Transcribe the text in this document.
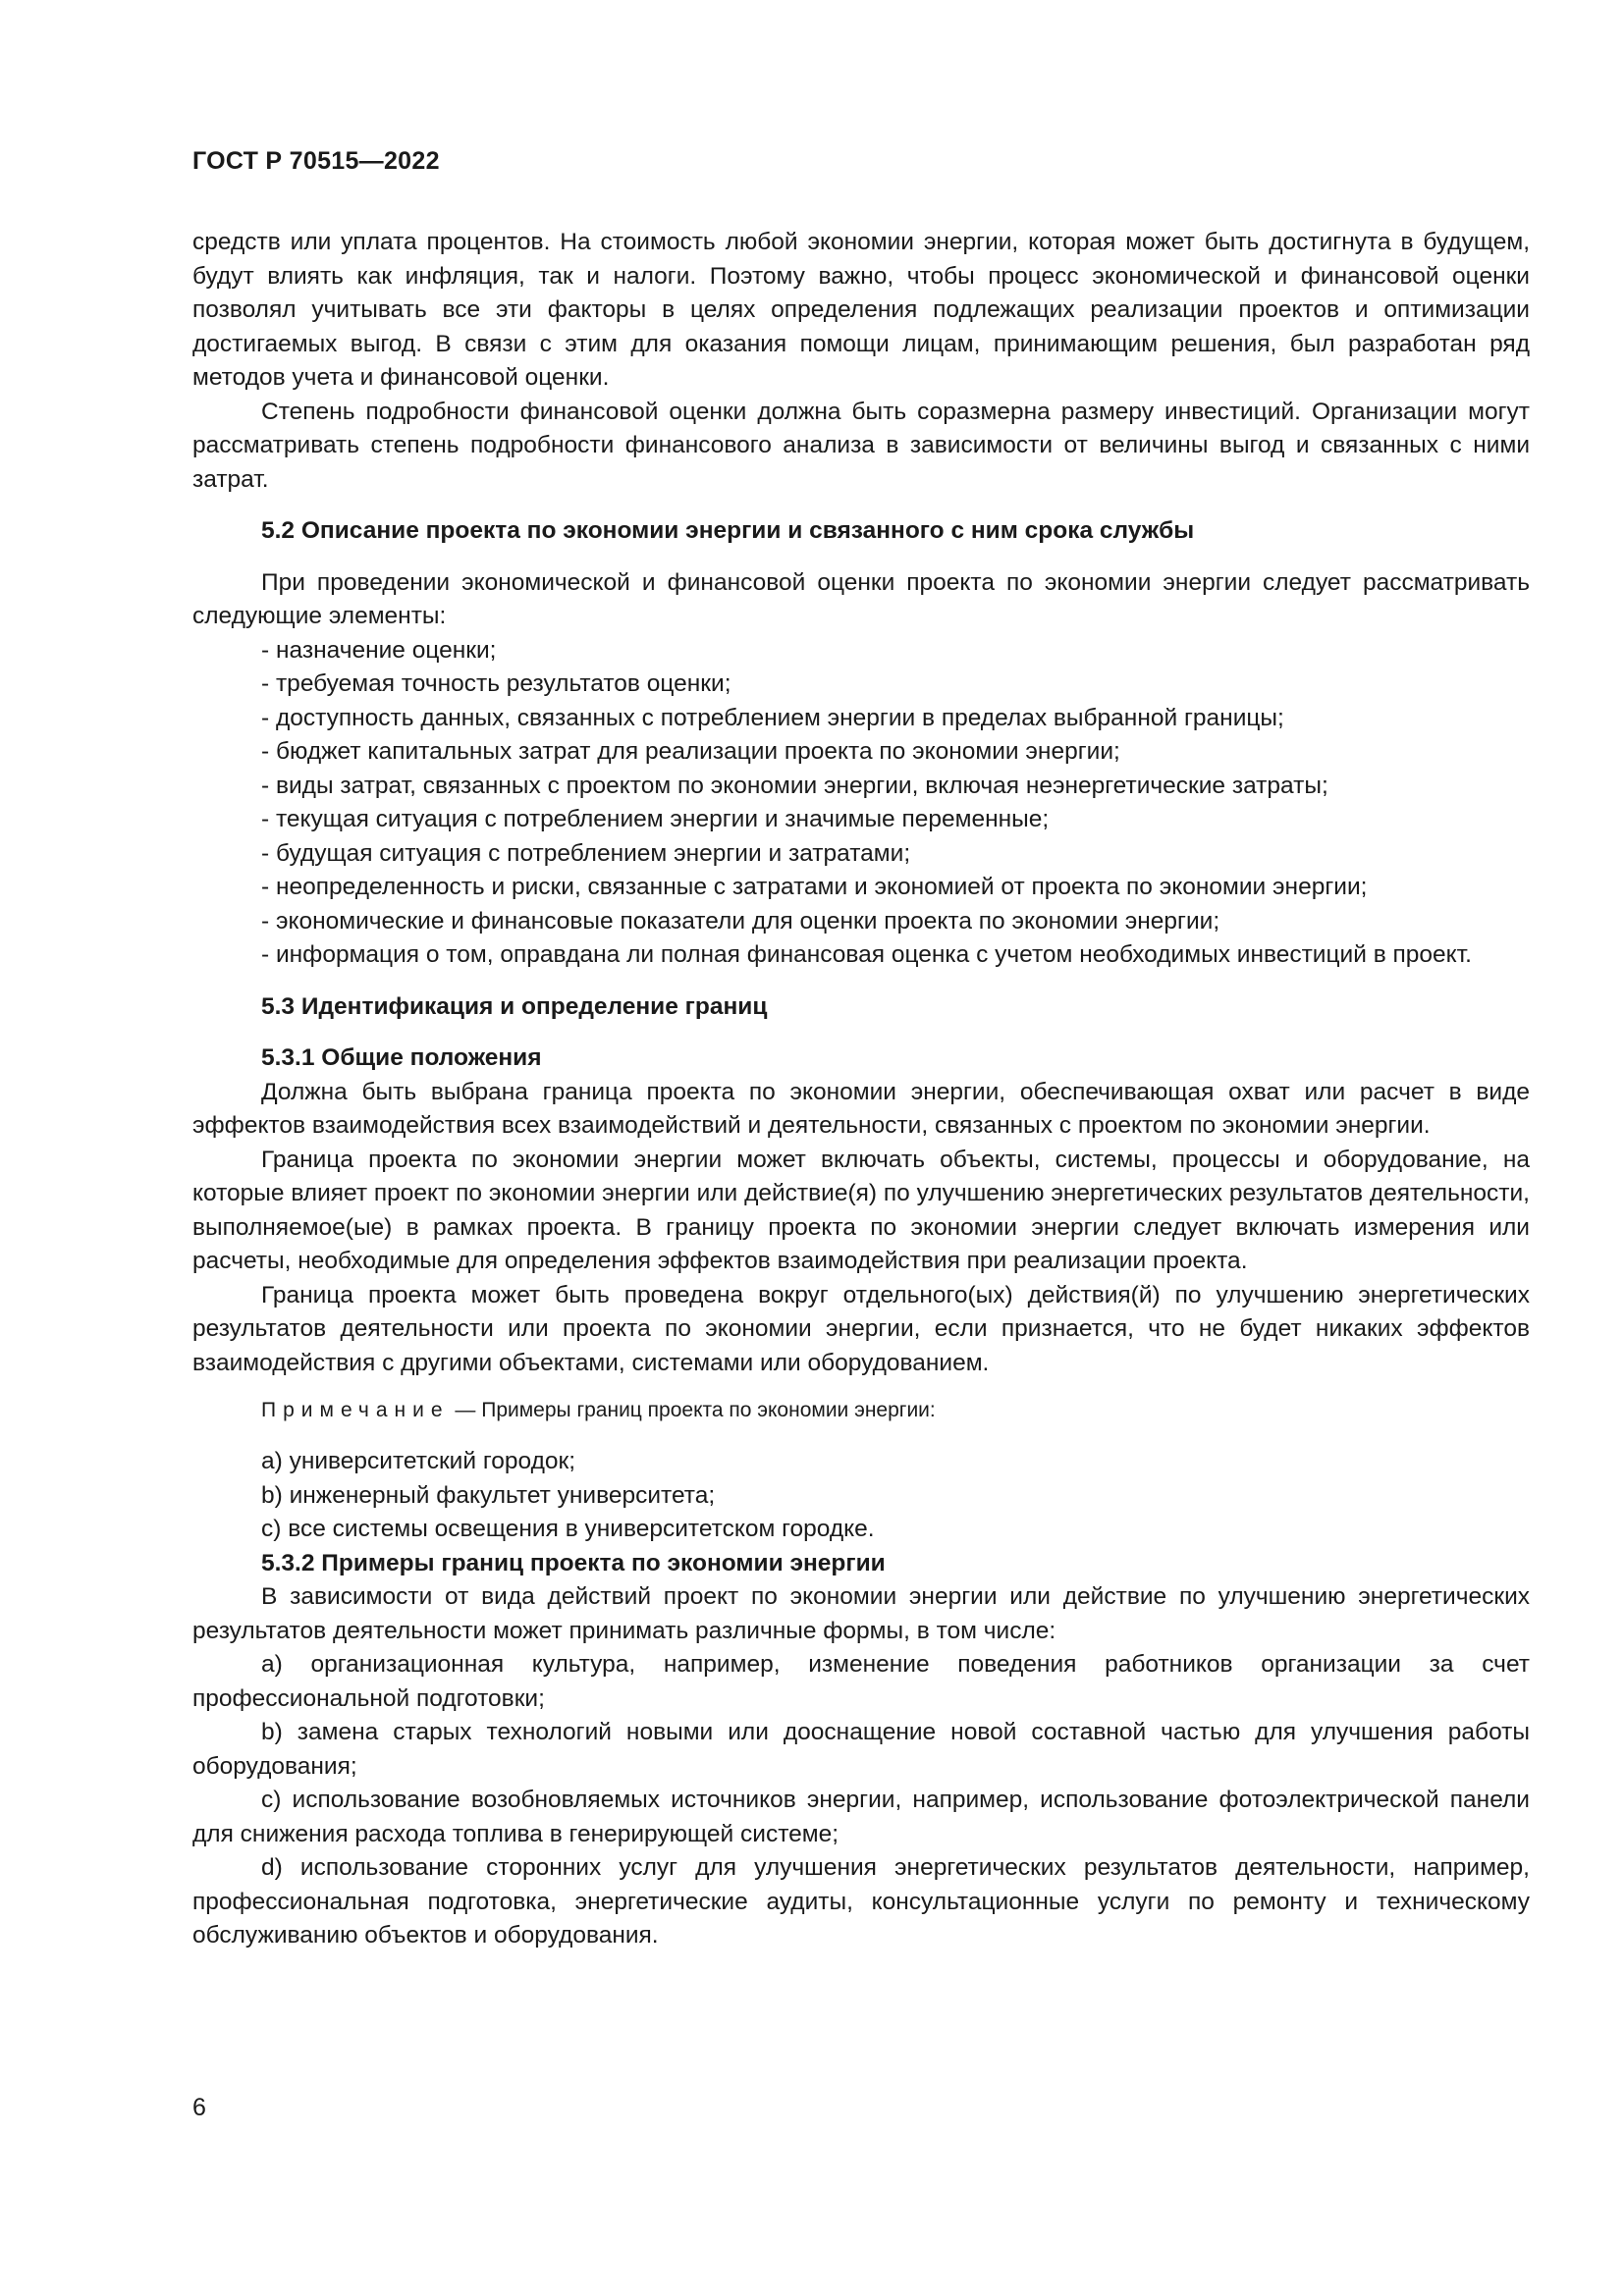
ГОСТ Р 70515—2022

средств или уплата процентов. На стоимость любой экономии энергии, которая может быть достигнута в будущем, будут влиять как инфляция, так и налоги. Поэтому важно, чтобы процесс экономической и финансовой оценки позволял учитывать все эти факторы в целях определения подлежащих реализации проектов и оптимизации достигаемых выгод. В связи с этим для оказания помощи лицам, принимающим решения, был разработан ряд методов учета и финансовой оценки.

Степень подробности финансовой оценки должна быть соразмерна размеру инвестиций. Организации могут рассматривать степень подробности финансового анализа в зависимости от величины выгод и связанных с ними затрат.

5.2 Описание проекта по экономии энергии и связанного с ним срока службы

При проведении экономической и финансовой оценки проекта по экономии энергии следует рассматривать следующие элементы:

- назначение оценки;

- требуемая точность результатов оценки;

- доступность данных, связанных с потреблением энергии в пределах выбранной границы;

- бюджет капитальных затрат для реализации проекта по экономии энергии;

- виды затрат, связанных с проектом по экономии энергии, включая неэнергетические затраты;

- текущая ситуация с потреблением энергии и значимые переменные;

- будущая ситуация с потреблением энергии и затратами;

- неопределенность и риски, связанные с затратами и экономией от проекта по экономии энергии;

- экономические и финансовые показатели для оценки проекта по экономии энергии;

- информация о том, оправдана ли полная финансовая оценка с учетом необходимых инвестиций в проект.

5.3 Идентификация и определение границ

5.3.1 Общие положения

Должна быть выбрана граница проекта по экономии энергии, обеспечивающая охват или расчет в виде эффектов взаимодействия всех взаимодействий и деятельности, связанных с проектом по экономии энергии.

Граница проекта по экономии энергии может включать объекты, системы, процессы и оборудование, на которые влияет проект по экономии энергии или действие(я) по улучшению энергетических результатов деятельности, выполняемое(ые) в рамках проекта. В границу проекта по экономии энергии следует включать измерения или расчеты, необходимые для определения эффектов взаимодействия при реализации проекта.

Граница проекта может быть проведена вокруг отдельного(ых) действия(й) по улучшению энергетических результатов деятельности или проекта по экономии энергии, если признается, что не будет никаких эффектов взаимодействия с другими объектами, системами или оборудованием.

Примечание — Примеры границ проекта по экономии энергии:

a) университетский городок;

b) инженерный факультет университета;

c) все системы освещения в университетском городке.

5.3.2 Примеры границ проекта по экономии энергии

В зависимости от вида действий проект по экономии энергии или действие по улучшению энергетических результатов деятельности может принимать различные формы, в том числе:

a) организационная культура, например, изменение поведения работников организации за счет профессиональной подготовки;

b) замена старых технологий новыми или дооснащение новой составной частью для улучшения работы оборудования;

c) использование возобновляемых источников энергии, например, использование фотоэлектрической панели для снижения расхода топлива в генерирующей системе;

d) использование сторонних услуг для улучшения энергетических результатов деятельности, например, профессиональная подготовка, энергетические аудиты, консультационные услуги по ремонту и техническому обслуживанию объектов и оборудования.

6
